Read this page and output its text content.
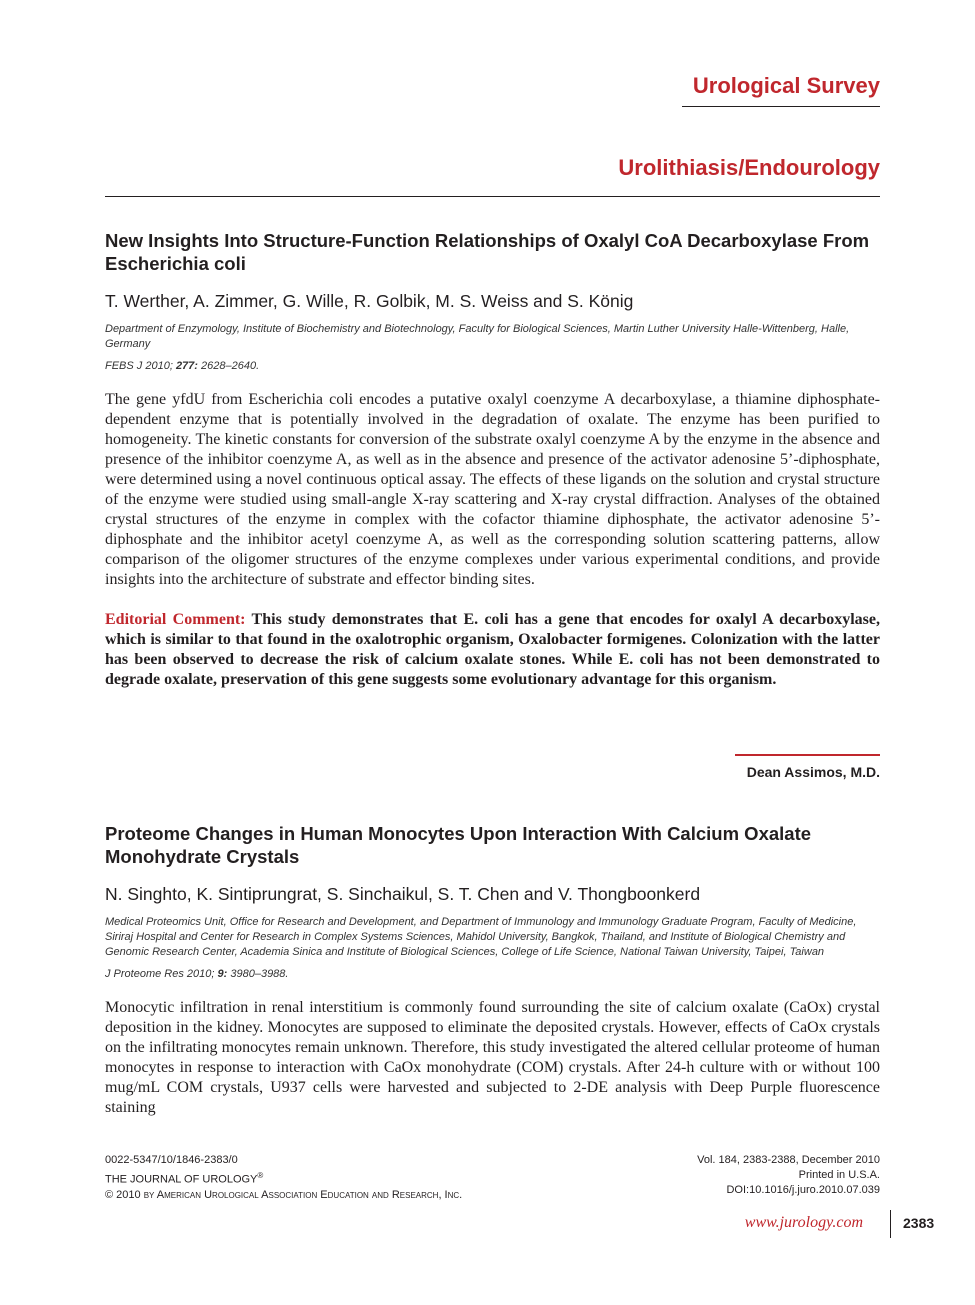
Urological Survey
Urolithiasis/Endourology
New Insights Into Structure-Function Relationships of Oxalyl CoA Decarboxylase From Escherichia coli
T. Werther, A. Zimmer, G. Wille, R. Golbik, M. S. Weiss and S. König
Department of Enzymology, Institute of Biochemistry and Biotechnology, Faculty for Biological Sciences, Martin Luther University Halle-Wittenberg, Halle, Germany
FEBS J 2010; 277: 2628–2640.

The gene yfdU from Escherichia coli encodes a putative oxalyl coenzyme A decarboxylase, a thiamine diphosphate-dependent enzyme that is potentially involved in the degradation of oxalate. The enzyme has been purified to homogeneity. The kinetic constants for conversion of the substrate oxalyl coenzyme A by the enzyme in the absence and presence of the inhibitor coenzyme A, as well as in the absence and presence of the activator adenosine 5’-diphosphate, were determined using a novel continuous optical assay. The effects of these ligands on the solution and crystal structure of the enzyme were studied using small-angle X-ray scattering and X-ray crystal diffraction. Analyses of the obtained crystal structures of the enzyme in complex with the cofactor thiamine diphosphate, the activator adenosine 5’-diphosphate and the inhibitor acetyl coenzyme A, as well as the corresponding solution scattering patterns, allow comparison of the oligomer structures of the enzyme complexes under various experimental conditions, and provide insights into the architecture of substrate and effector binding sites.

Editorial Comment: This study demonstrates that E. coli has a gene that encodes for oxalyl A decarboxylase, which is similar to that found in the oxalotrophic organism, Oxalobacter formigenes. Colonization with the latter has been observed to decrease the risk of calcium oxalate stones. While E. coli has not been demonstrated to degrade oxalate, preservation of this gene suggests some evolutionary advantage for this organism.

Dean Assimos, M.D.
Proteome Changes in Human Monocytes Upon Interaction With Calcium Oxalate Monohydrate Crystals
N. Singhto, K. Sintiprungrat, S. Sinchaikul, S. T. Chen and V. Thongboonkerd
Medical Proteomics Unit, Office for Research and Development, and Department of Immunology and Immunology Graduate Program, Faculty of Medicine, Siriraj Hospital and Center for Research in Complex Systems Sciences, Mahidol University, Bangkok, Thailand, and Institute of Biological Chemistry and Genomic Research Center, Academia Sinica and Institute of Biological Sciences, College of Life Science, National Taiwan University, Taipei, Taiwan
J Proteome Res 2010; 9: 3980–3988.

Monocytic infiltration in renal interstitium is commonly found surrounding the site of calcium oxalate (CaOx) crystal deposition in the kidney. Monocytes are supposed to eliminate the deposited crystals. However, effects of CaOx crystals on the infiltrating monocytes remain unknown. Therefore, this study investigated the altered cellular proteome of human monocytes in response to interaction with CaOx monohydrate (COM) crystals. After 24-h culture with or without 100 mug/mL COM crystals, U937 cells were harvested and subjected to 2-DE analysis with Deep Purple fluorescence staining

0022-5347/10/1846-2383/0
THE JOURNAL OF UROLOGY®
© 2010 by American Urological Association Education and Research, Inc.
Vol. 184, 2383-2388, December 2010
Printed in U.S.A.
DOI:10.1016/j.juro.2010.07.039
www.jurology.com	2383
